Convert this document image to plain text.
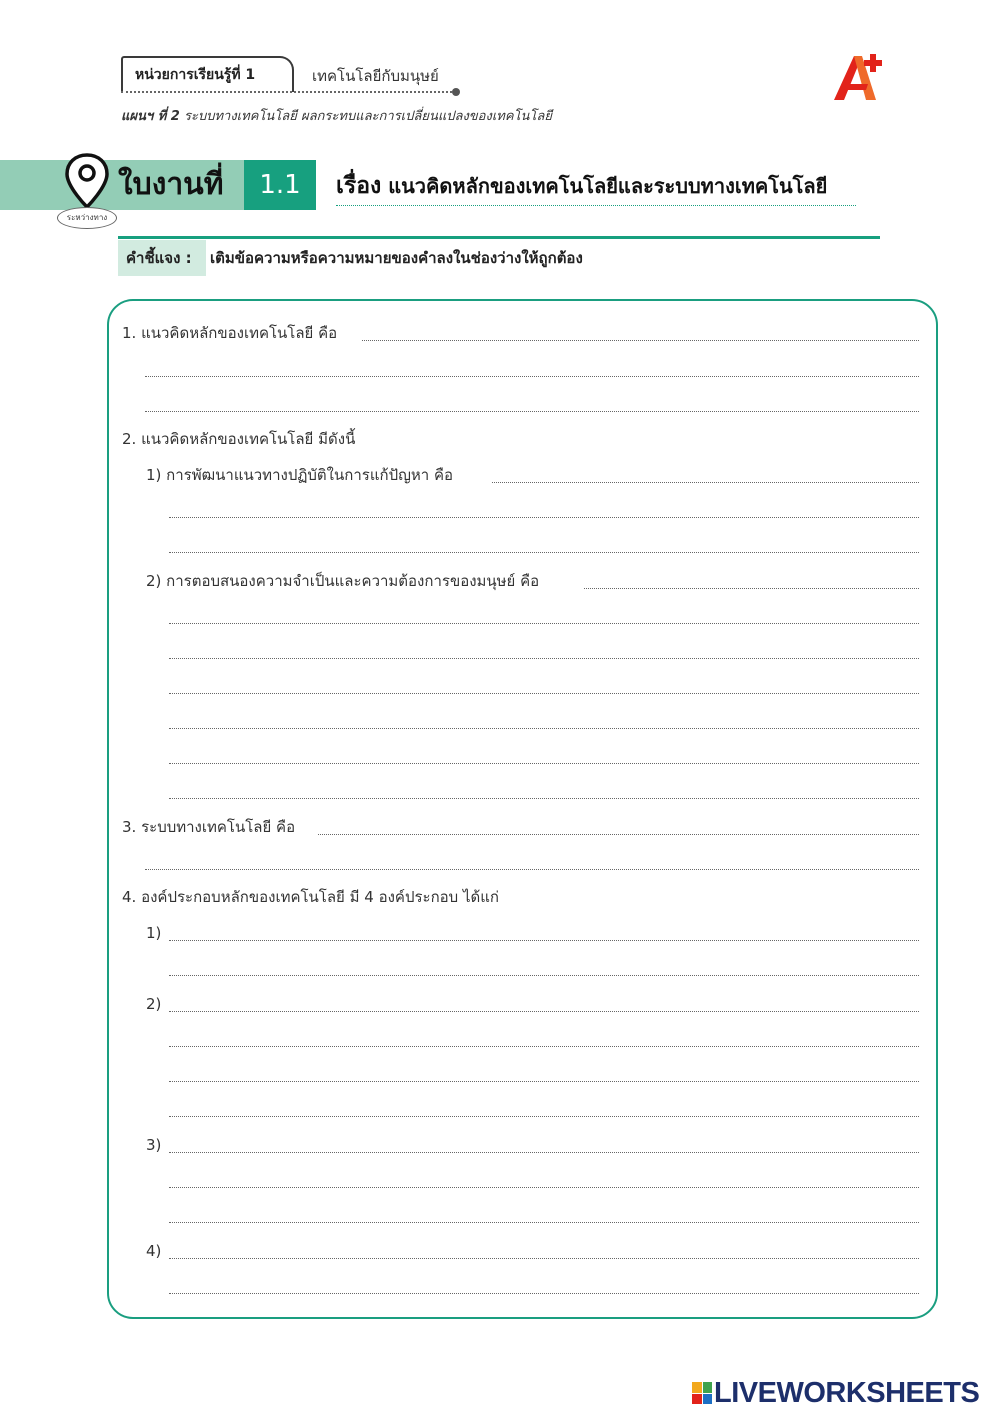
หน่วยการเรียนรู้ที่ 1	เทคโนโลยีกับมนุษย์
แผนฯ ที่ 2 ระบบทางเทคโนโลยี ผลกระทบและการเปลี่ยนแปลงของเทคโนโลยี
ระหว่างทาง
ใบงานที่	1.1	เรื่อง แนวคิดหลักของเทคโนโลยีและระบบทางเทคโนโลยี
คำชี้แจง : เติมข้อความหรือความหมายของคำลงในช่องว่างให้ถูกต้อง
1. แนวคิดหลักของเทคโนโลยี คือ
2. แนวคิดหลักของเทคโนโลยี มีดังนี้
1) การพัฒนาแนวทางปฏิบัติในการแก้ปัญหา คือ
2) การตอบสนองความจำเป็นและความต้องการของมนุษย์ คือ
3. ระบบทางเทคโนโลยี คือ
4. องค์ประกอบหลักของเทคโนโลยี มี 4 องค์ประกอบ ได้แก่
1)
2)
3)
4)
LIVEWORKSHEETS
